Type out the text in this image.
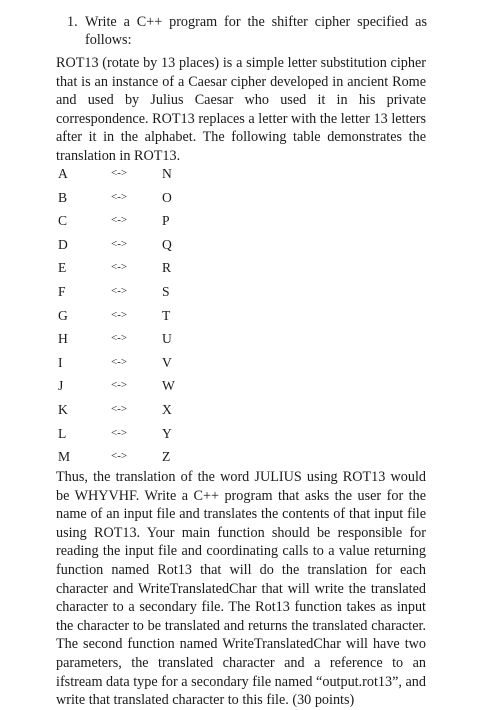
1. Write a C++ program for the shifter cipher specified as follows:

ROT13 (rotate by 13 places) is a simple letter substitution cipher that is an instance of a Caesar cipher developed in ancient Rome and used by Julius Caesar who used it in his private correspondence. ROT13 replaces a letter with the letter 13 letters after it in the alphabet. The following table demonstrates the translation in ROT13.

A	<->	N
B	<->	O
C	<->	P
D	<->	Q
E	<->	R
F	<->	S
G	<->	T
H	<->	U
I	<->	V
J	<->	W
K	<->	X
L	<->	Y
M	<->	Z

Thus, the translation of the word JULIUS using ROT13 would be WHYVHF. Write a C++ program that asks the user for the name of an input file and translates the contents of that input file using ROT13. Your main function should be responsible for reading the input file and coordinating calls to a value returning function named Rot13 that will do the translation for each character and WriteTranslatedChar that will write the translated character to a secondary file. The Rot13 function takes as input the character to be translated and returns the translated character. The second function named WriteTranslatedChar will have two parameters, the translated character and a reference to an ifstream data type for a secondary file named “output.rot13”, and write that translated character to this file. (30 points)
